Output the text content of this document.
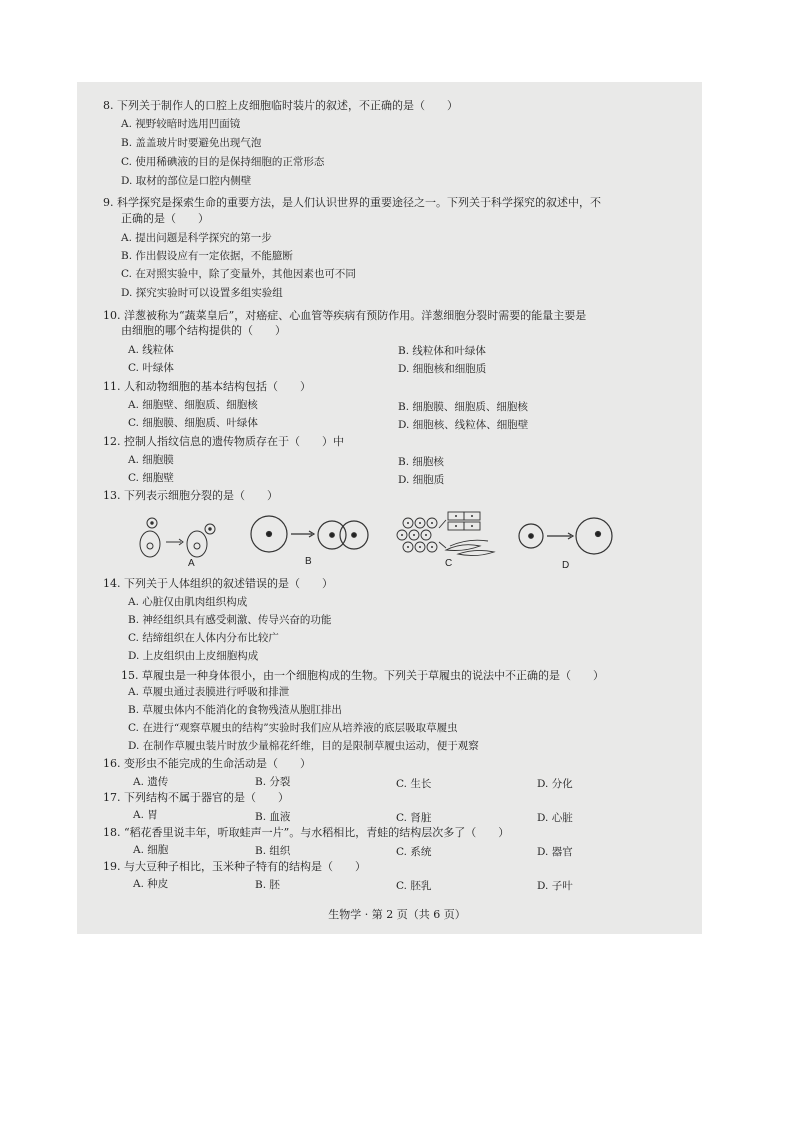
8. 下列关于制作人的口腔上皮细胞临时装片的叙述，不正确的是（　　）
A. 视野较暗时选用凹面镜
B. 盖盖玻片时要避免出现气泡
C. 使用稀碘液的目的是保持细胞的正常形态
D. 取材的部位是口腔内侧壁
9. 科学探究是探索生命的重要方法，是人们认识世界的重要途径之一。下列关于科学探究的叙述中，不
正确的是（　　）
A. 提出问题是科学探究的第一步
B. 作出假设应有一定依据，不能臆断
C. 在对照实验中，除了变量外，其他因素也可不同
D. 探究实验时可以设置多组实验组
10. 洋葱被称为“蔬菜皇后”，对癌症、心血管等疾病有预防作用。洋葱细胞分裂时需要的能量主要是
由细胞的哪个结构提供的（　　）
A. 线粒体	B. 线粒体和叶绿体
C. 叶绿体	D. 细胞核和细胞质
11. 人和动物细胞的基本结构包括（　　）
A. 细胞壁、细胞质、细胞核	B. 细胞膜、细胞质、细胞核
C. 细胞膜、细胞质、叶绿体	D. 细胞核、线粒体、细胞壁
12. 控制人指纹信息的遗传物质存在于（　　）中
A. 细胞膜	B. 细胞核
C. 细胞壁	D. 细胞质
13. 下列表示细胞分裂的是（　　）
A	B	C	D
14. 下列关于人体组织的叙述错误的是（　　）
A. 心脏仅由肌肉组织构成
B. 神经组织具有感受刺激、传导兴奋的功能
C. 结缔组织在人体内分布比较广
D. 上皮组织由上皮细胞构成
15. 草履虫是一种身体很小，由一个细胞构成的生物。下列关于草履虫的说法中不正确的是（　　）
A. 草履虫通过表膜进行呼吸和排泄
B. 草履虫体内不能消化的食物残渣从胞肛排出
C. 在进行“观察草履虫的结构”实验时我们应从培养液的底层吸取草履虫
D. 在制作草履虫装片时放少量棉花纤维，目的是限制草履虫运动，便于观察
16. 变形虫不能完成的生命活动是（　　）
A. 遗传	B. 分裂	C. 生长	D. 分化
17. 下列结构不属于器官的是（　　）
A. 胃	B. 血液	C. 肾脏	D. 心脏
18. “稻花香里说丰年，听取蛙声一片”。与水稻相比，青蛙的结构层次多了（　　）
A. 细胞	B. 组织	C. 系统	D. 器官
19. 与大豆种子相比，玉米种子特有的结构是（　　）
A. 种皮	B. 胚	C. 胚乳	D. 子叶
生物学 · 第 2 页（共 6 页）
